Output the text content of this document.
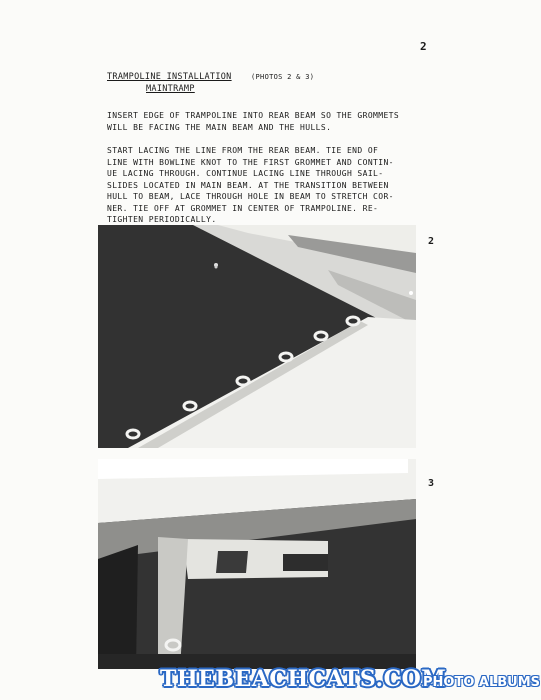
2
TRAMPOLINE INSTALLATION	(PHOTOS 2 & 3)
MAINTRAMP
INSERT EDGE OF TRAMPOLINE INTO REAR BEAM SO THE GROMMETS
WILL BE FACING THE MAIN BEAM AND THE HULLS.
START LACING THE LINE FROM THE REAR BEAM. TIE END OF
LINE WITH BOWLINE KNOT TO THE FIRST GROMMET AND CONTIN-
UE LACING THROUGH. CONTINUE LACING LINE THROUGH SAIL-
SLIDES LOCATED IN MAIN BEAM. AT THE TRANSITION BETWEEN
HULL TO BEAM, LACE THROUGH HOLE IN BEAM TO STRETCH COR-
NER. TIE OFF AT GROMMET IN CENTER OF TRAMPOLINE. RE-
TIGHTEN PERIODICALLY.
2
3
THEBEACHCATS.COM
PHOTO ALBUMS
